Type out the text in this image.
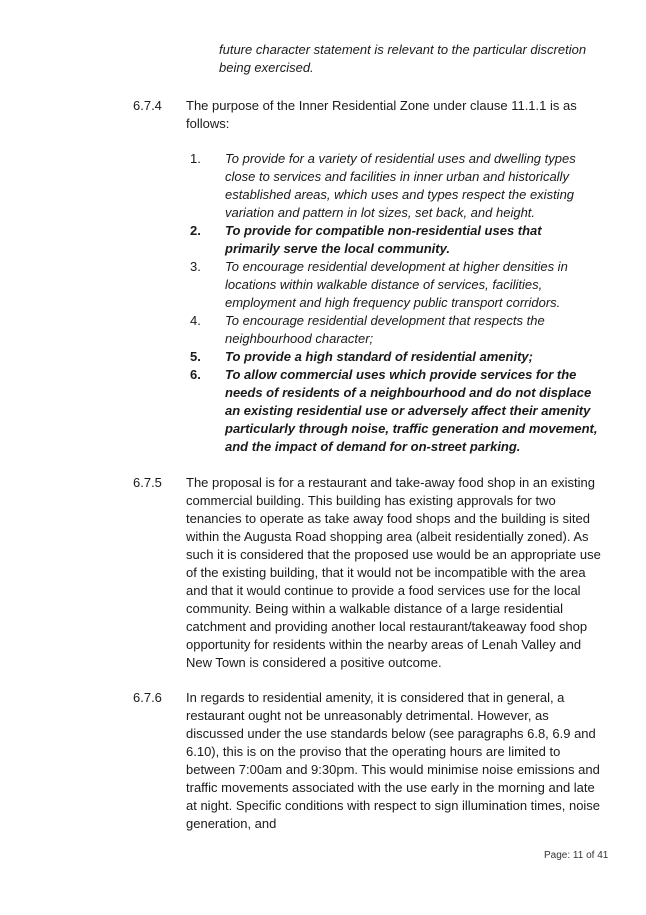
future character statement is relevant to the particular discretion being exercised.
6.7.4	The purpose of the Inner Residential Zone under clause 11.1.1 is as follows:
1. To provide for a variety of residential uses and dwelling types close to services and facilities in inner urban and historically established areas, which uses and types respect the existing variation and pattern in lot sizes, set back, and height.
2. To provide for compatible non-residential uses that primarily serve the local community.
3. To encourage residential development at higher densities in locations within walkable distance of services, facilities, employment and high frequency public transport corridors.
4. To encourage residential development that respects the neighbourhood character;
5. To provide a high standard of residential amenity;
6. To allow commercial uses which provide services for the needs of residents of a neighbourhood and do not displace an existing residential use or adversely affect their amenity particularly through noise, traffic generation and movement, and the impact of demand for on-street parking.
6.7.5	The proposal is for a restaurant and take-away food shop in an existing commercial building. This building has existing approvals for two tenancies to operate as take away food shops and the building is sited within the Augusta Road shopping area (albeit residentially zoned). As such it is considered that the proposed use would be an appropriate use of the existing building, that it would not be incompatible with the area and that it would continue to provide a food services use for the local community. Being within a walkable distance of a large residential catchment and providing another local restaurant/takeaway food shop opportunity for residents within the nearby areas of Lenah Valley and New Town is considered a positive outcome.
6.7.6	In regards to residential amenity, it is considered that in general, a restaurant ought not be unreasonably detrimental. However, as discussed under the use standards below (see paragraphs 6.8, 6.9 and 6.10), this is on the proviso that the operating hours are limited to between 7:00am and 9:30pm. This would minimise noise emissions and traffic movements associated with the use early in the morning and late at night. Specific conditions with respect to sign illumination times, noise generation, and
Page: 11 of 41
